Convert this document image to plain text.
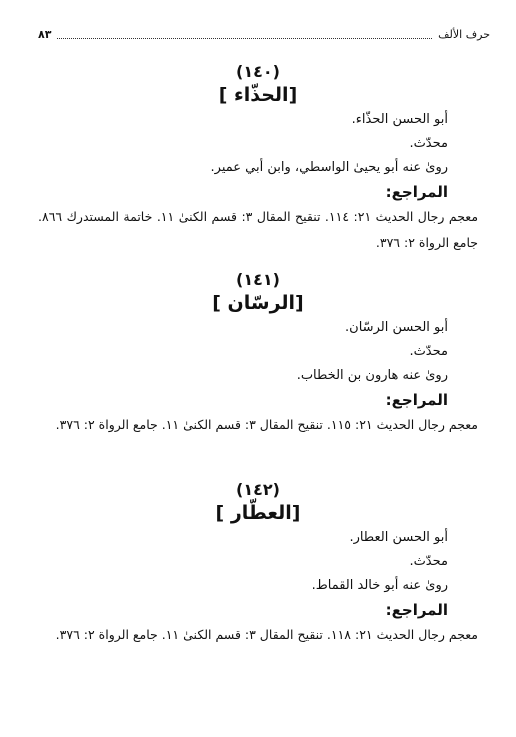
حرف الألف
٨٣
(١٤٠)
[الحذّاء ]
أبو الحسن الحذّاء.
محدّث.
روىٰ عنه أبو يحيىٰ الواسطي، وابن أبي عمير.
المراجع:
معجم رجال الحديث ٢١: ١١٤. تنقيح المقال ٣: قسم الكنىٰ ١١. خاتمة المستدرك ٨٦٦. جامع الرواة ٢: ٣٧٦.
(١٤١)
[الرسّان ]
أبو الحسن الرسّان.
محدّث.
روىٰ عنه هارون بن الخطاب.
المراجع:
معجم رجال الحديث ٢١: ١١٥. تنقيح المقال ٣: قسم الكنىٰ ١١. جامع الرواة ٢: ٣٧٦.
(١٤٢)
[العطّار ]
أبو الحسن العطار.
محدّث.
روىٰ عنه أبو خالد القماط.
المراجع:
معجم رجال الحديث ٢١: ١١٨. تنقيح المقال ٣: قسم الكنىٰ ١١. جامع الرواة ٢: ٣٧٦.
